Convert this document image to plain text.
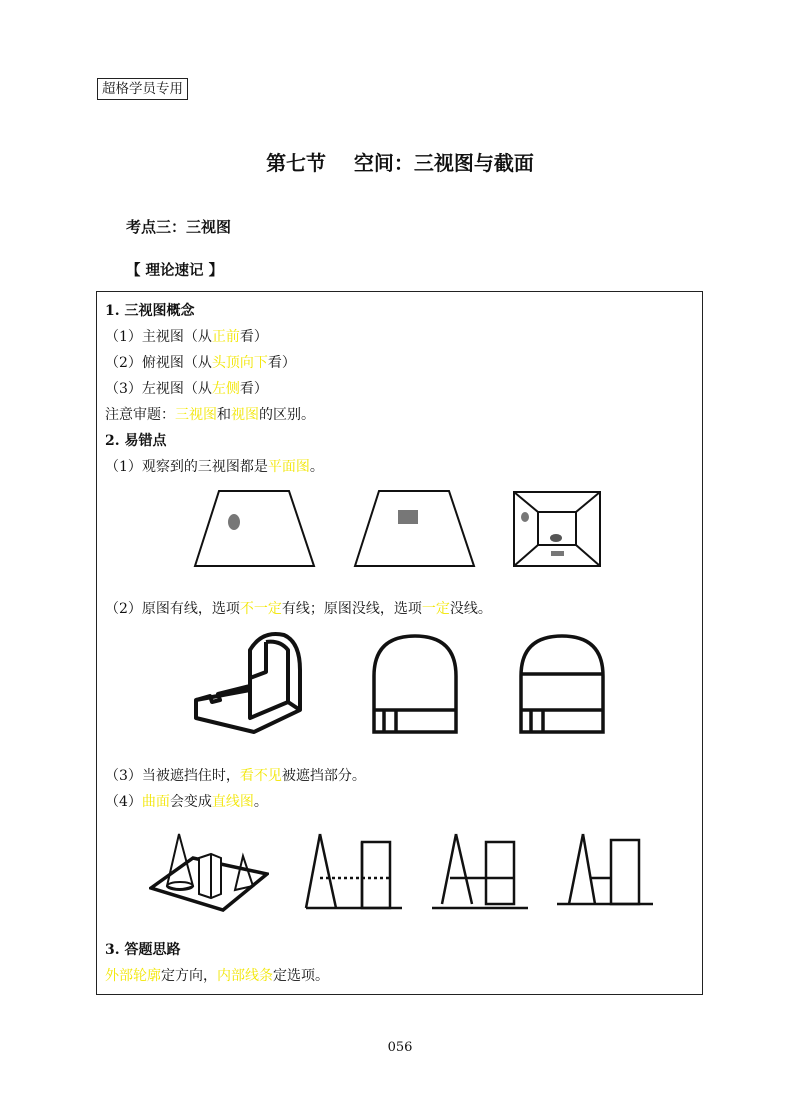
超格学员专用
第七节    空间：三视图与截面
考点三：三视图
【 理论速记 】
1. 三视图概念
（1）主视图（从正前看）
（2）俯视图（从头顶向下看）
（3）左视图（从左侧看）
注意审题：三视图和视图的区别。
2. 易错点
（1）观察到的三视图都是平面图。
（2）原图有线，选项不一定有线；原图没线，选项一定没线。
（3）当被遮挡住时，看不见被遮挡部分。
（4）曲面会变成直线图。
3. 答题思路
外部轮廓定方向，内部线条定选项。
056
